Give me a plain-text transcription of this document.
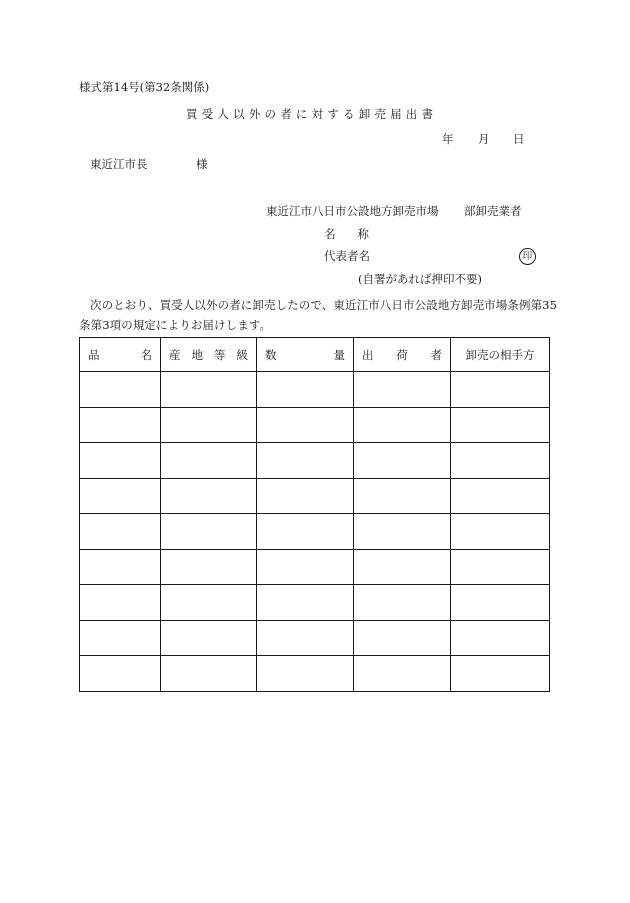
様式第14号(第32条関係)
買受人以外の者に対する卸売届出書
年 月 日
東近江市長	様
東近江市八日市公設地方卸売市場 部卸売業者
名称
代表者名	印
(自署があれば押印不要)
次のとおり、買受人以外の者に卸売したので、東近江市八日市公設地方卸売市場条例第35条第3項の規定によりお届けします。
品 名	産 地 等 級	数 量	出 荷 者	卸売の相手方
